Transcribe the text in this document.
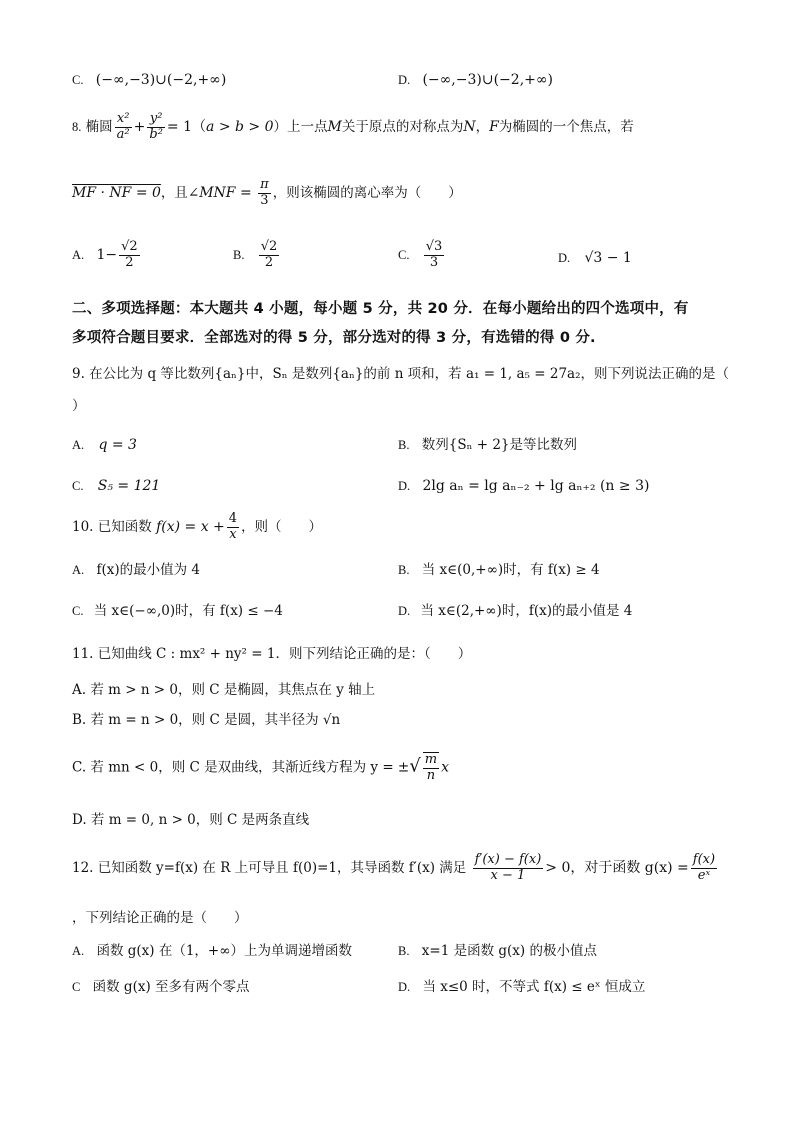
C. (−∞,−3)∪(−2,+∞)	D. (−∞,−3)∪(−2,+∞)
8. 椭圆 $\frac{\text{x²}}{\text{a²}} + \frac{\text{y²}}{\text{b²}} = 1(a > b > 0)$上一点M关于原点的对称点为N，F为椭圆的一个焦点，若
MF · NF = 0，且∠MNF = $\frac{\pi}{3}$ ，则该椭圆的离心率为（　　）
A. $1- \frac{√2}{2}$	B. $\frac{√2}{2}$	C. $\frac{√3}{3}$	D. √3 − 1
二、多项选择题：本大题共 4 小题，每小题 5 分，共 20 分．在每小题给出的四个选项中，有
多项符合题目要求．全部选对的得 5 分，部分选对的得 3 分，有选错的得 0 分.
9. 在公比为 q 等比数列{aₙ}中，Sₙ 是数列{aₙ}的前 n 项和，若 a₁ = 1, a₅ = 27a₂，则下列说法正确的是（
）
A. q = 3	B. 数列{Sₙ + 2}是等比数列
C. S₅ = 121	D. 2lg aₙ = lg aₙ₋₂ + lg aₙ₊₂ (n ≥ 3)
10. 已知函数 $f(x) = x + \frac{4}{x}$ ，则（　　）
A. f(x)的最小值为 4	B. 当 x∈(0,+∞)时，有 f(x) ≥ 4
C. 当 x∈(−∞,0)时，有 f(x) ≤ −4	D. 当 x∈(2,+∞)时，f(x)的最小值是 4
11. 已知曲线 C : mx² + ny² = 1．则下列结论正确的是：（　　）
A. 若 m > n > 0，则 C 是椭圆，其焦点在 y 轴上
B. 若 m = n > 0，则 C 是圆，其半径为 √n
C. 若 mn < 0，则 C 是双曲线，其渐近线方程为 y = ±√ $\frac{m}{n}$ x
D. 若 m = 0, n > 0，则 C 是两条直线
12. 已知函数 y=f(x) 在 R 上可导且 f(0)=1，其导函数 f′(x) 满足 $\frac{f'(x) - f(x)}{x - 1} > 0$，对于函数 $g(x) = \frac{f(x)}{\text{eˣ}}$
，下列结论正确的是（　　）
A. 函数 g(x) 在（1，+∞）上为单调递增函数	B. x=1 是函数 g(x) 的极小值点
C 函数 g(x) 至多有两个零点	D. 当 x≤0 时，不等式 f(x) ≤ eˣ 恒成立
